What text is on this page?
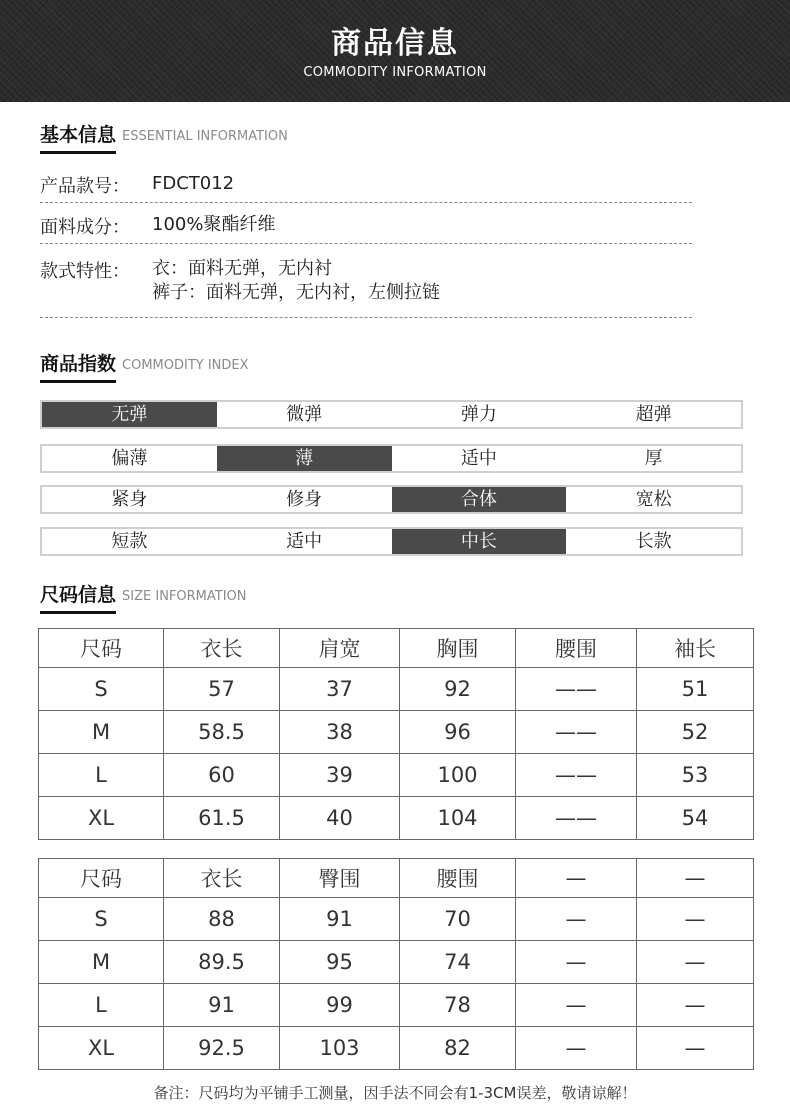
商品信息
COMMODITY INFORMATION
基本信息 ESSENTIAL INFORMATION
产品款号： FDCT012
面料成分： 100%聚酯纤维
款式特性： 衣：面料无弹，无内衬
裤子：面料无弹，无内衬，左侧拉链
商品指数 COMMODITY INDEX
无弹	微弹	弹力	超弹
偏薄	薄	适中	厚
紧身	修身	合体	宽松
短款	适中	中长	长款
尺码信息 SIZE INFORMATION
尺码	衣长	肩宽	胸围	腰围	袖长
S	57	37	92	——	51
M	58.5	38	96	——	52
L	60	39	100	——	53
XL	61.5	40	104	——	54
尺码	衣长	臀围	腰围	—	—
S	88	91	70	—	—
M	89.5	95	74	—	—
L	91	99	78	—	—
XL	92.5	103	82	—	—
备注：尺码均为平铺手工测量，因手法不同会有1-3CM误差，敬请谅解！
